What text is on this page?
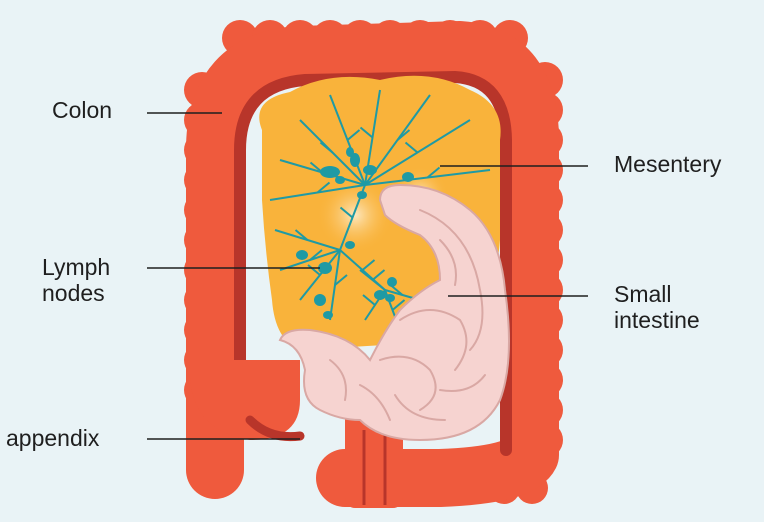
Colon
Mesentery
Lymph
nodes	Small
intestine
appendix
